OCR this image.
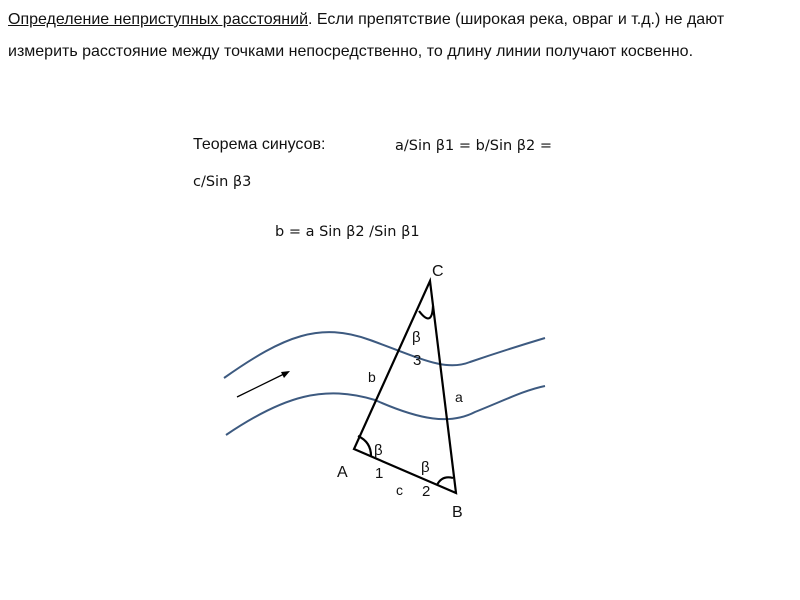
Определение неприступных расстояний. Если препятствие (широкая река, овраг и т.д.) не дают измерить расстояние между точками непосредственно, то длину линии получают косвенно.
Теорема синусов:	a/Sin β1 = b/Sin β2 =
c/Sin β3
b = a Sin β2 /Sin β1
C
A
B
b
a
c
β
3
β
1	β
2
